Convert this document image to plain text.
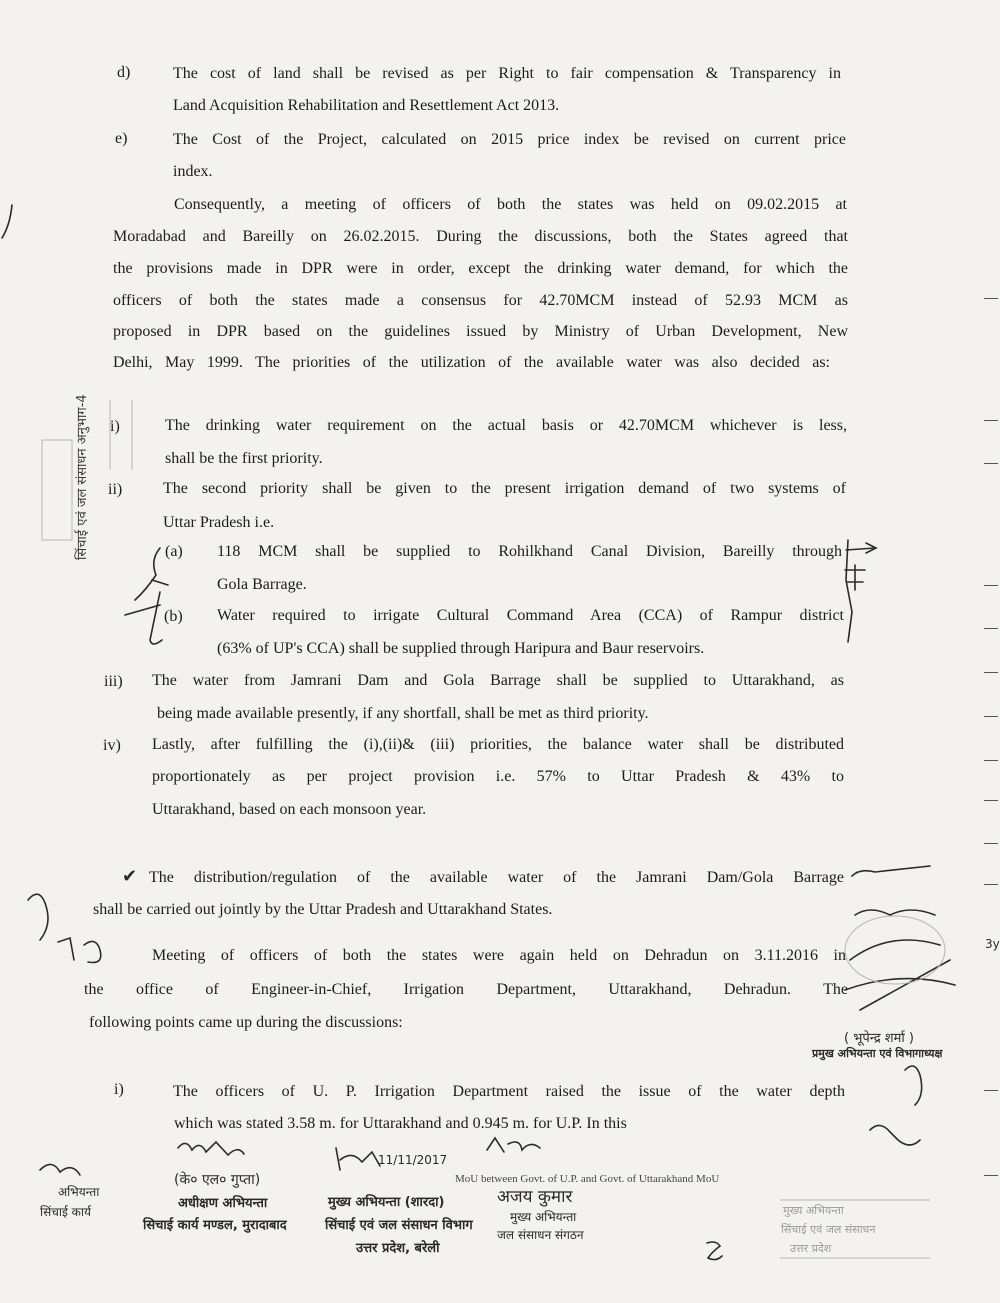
d)	The cost of land shall be revised as per Right to fair compensation & Transparency in
Land Acquisition Rehabilitation and Resettlement Act 2013.
e)	The Cost of the Project, calculated on 2015 price index be revised on current price
index.
Consequently, a meeting of officers of both the states was held on 09.02.2015 at
Moradabad and Bareilly on 26.02.2015. During the discussions, both the States agreed that
the provisions made in DPR were in order, except the drinking water demand, for which the
officers of both the states made a consensus for 42.70MCM instead of 52.93 MCM as
proposed in DPR based on the guidelines issued by Ministry of Urban Development, New
Delhi, May 1999. The priorities of the utilization of the available water was also decided as:
i)	The drinking water requirement on the actual basis or 42.70MCM whichever is less,
shall be the first priority.
ii)	The second priority shall be given to the present irrigation demand of two systems of
Uttar Pradesh i.e.
(a) 118 MCM shall be supplied to Rohilkhand Canal Division, Bareilly through
Gola Barrage.
(b) Water required to irrigate Cultural Command Area (CCA) of Rampur district
(63% of UP's CCA) shall be supplied through Haripura and Baur reservoirs.
iii) The water from Jamrani Dam and Gola Barrage shall be supplied to Uttarakhand, as
being made available presently, if any shortfall, shall be met as third priority.
iv) Lastly, after fulfilling the (i),(ii)& (iii) priorities, the balance water shall be distributed
proportionately as per project provision i.e. 57% to Uttar Pradesh & 43% to
Uttarakhand, based on each monsoon year.
✔ The distribution/regulation of the available water of the Jamrani Dam/Gola Barrage
shall be carried out jointly by the Uttar Pradesh and Uttarakhand States.
Meeting of officers of both the states were again held on Dehradun on 3.11.2016 in
the office of Engineer-in-Chief, Irrigation Department, Uttarakhand, Dehradun. The
following points came up during the discussions:
i)	The officers of U. P. Irrigation Department raised the issue of the water depth
which was stated 3.58 m. for Uttarakhand and 0.945 m. for U.P. In this
सिंचाई एवं जल संसाधन अनुभाग-4
( भूपेन्द्र शर्मा )
प्रमुख अभियन्ता एवं विभागाध्यक्ष
3y
(के० एल० गुप्ता)
अधीक्षण अभियन्ता
सिचाई कार्य मण्डल, मुरादाबाद
अजय कुमार
मुख्य अभियन्ता (शारदा)
सिंचाई एवं जल संसाधन विभाग
उत्तर प्रदेश, बरेली
मुख्य अभियन्ता
जल संसाधन संगठन
अभियन्ता
सिंचाई कार्य
MoU between Govt. of U.P. and Govt. of Uttarakhand MoU
मुख्य अभियन्ता
सिंचाई एवं जल संसाधन
उत्तर प्रदेश
11/11/2017
